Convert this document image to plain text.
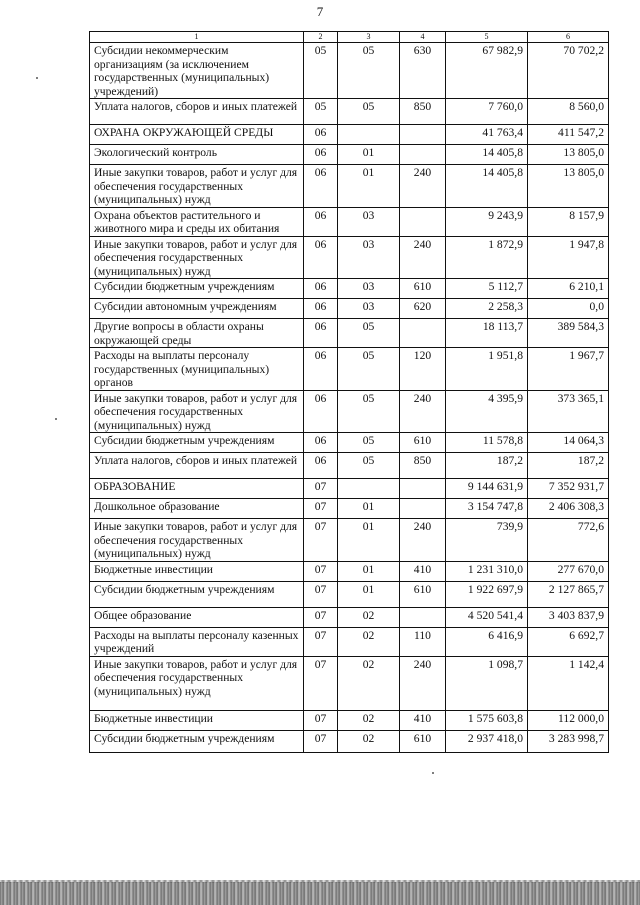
7
1	2	3	4	5	6
Субсидии некоммерческим организациям (за исключением государственных (муниципальных) учреждений)	05	05	630	67 982,9	70 702,2
Уплата налогов, сборов и иных платежей	05	05	850	7 760,0	8 560,0
ОХРАНА ОКРУЖАЮЩЕЙ СРЕДЫ	06			41 763,4	411 547,2
Экологический контроль	06	01		14 405,8	13 805,0
Иные закупки товаров, работ и услуг для обеспечения государственных (муниципальных) нужд	06	01	240	14 405,8	13 805,0
Охрана объектов растительного и животного мира и среды их обитания	06	03		9 243,9	8 157,9
Иные закупки товаров, работ и услуг для обеспечения государственных (муниципальных) нужд	06	03	240	1 872,9	1 947,8
Субсидии бюджетным учреждениям	06	03	610	5 112,7	6 210,1
Субсидии автономным учреждениям	06	03	620	2 258,3	0,0
Другие вопросы в области охраны окружающей среды	06	05		18 113,7	389 584,3
Расходы на выплаты персоналу государственных (муниципальных) органов	06	05	120	1 951,8	1 967,7
Иные закупки товаров, работ и услуг для обеспечения государственных (муниципальных) нужд	06	05	240	4 395,9	373 365,1
Субсидии бюджетным учреждениям	06	05	610	11 578,8	14 064,3
Уплата налогов, сборов и иных платежей	06	05	850	187,2	187,2
ОБРАЗОВАНИЕ	07			9 144 631,9	7 352 931,7
Дошкольное образование	07	01		3 154 747,8	2 406 308,3
Иные закупки товаров, работ и услуг для обеспечения государственных (муниципальных) нужд	07	01	240	739,9	772,6
Бюджетные инвестиции	07	01	410	1 231 310,0	277 670,0
Субсидии бюджетным учреждениям	07	01	610	1 922 697,9	2 127 865,7
Общее образование	07	02		4 520 541,4	3 403 837,9
Расходы на выплаты персоналу казенных учреждений	07	02	110	6 416,9	6 692,7
Иные закупки товаров, работ и услуг для обеспечения государственных (муниципальных) нужд	07	02	240	1 098,7	1 142,4
Бюджетные инвестиции	07	02	410	1 575 603,8	112 000,0
Субсидии бюджетным учреждениям	07	02	610	2 937 418,0	3 283 998,7
